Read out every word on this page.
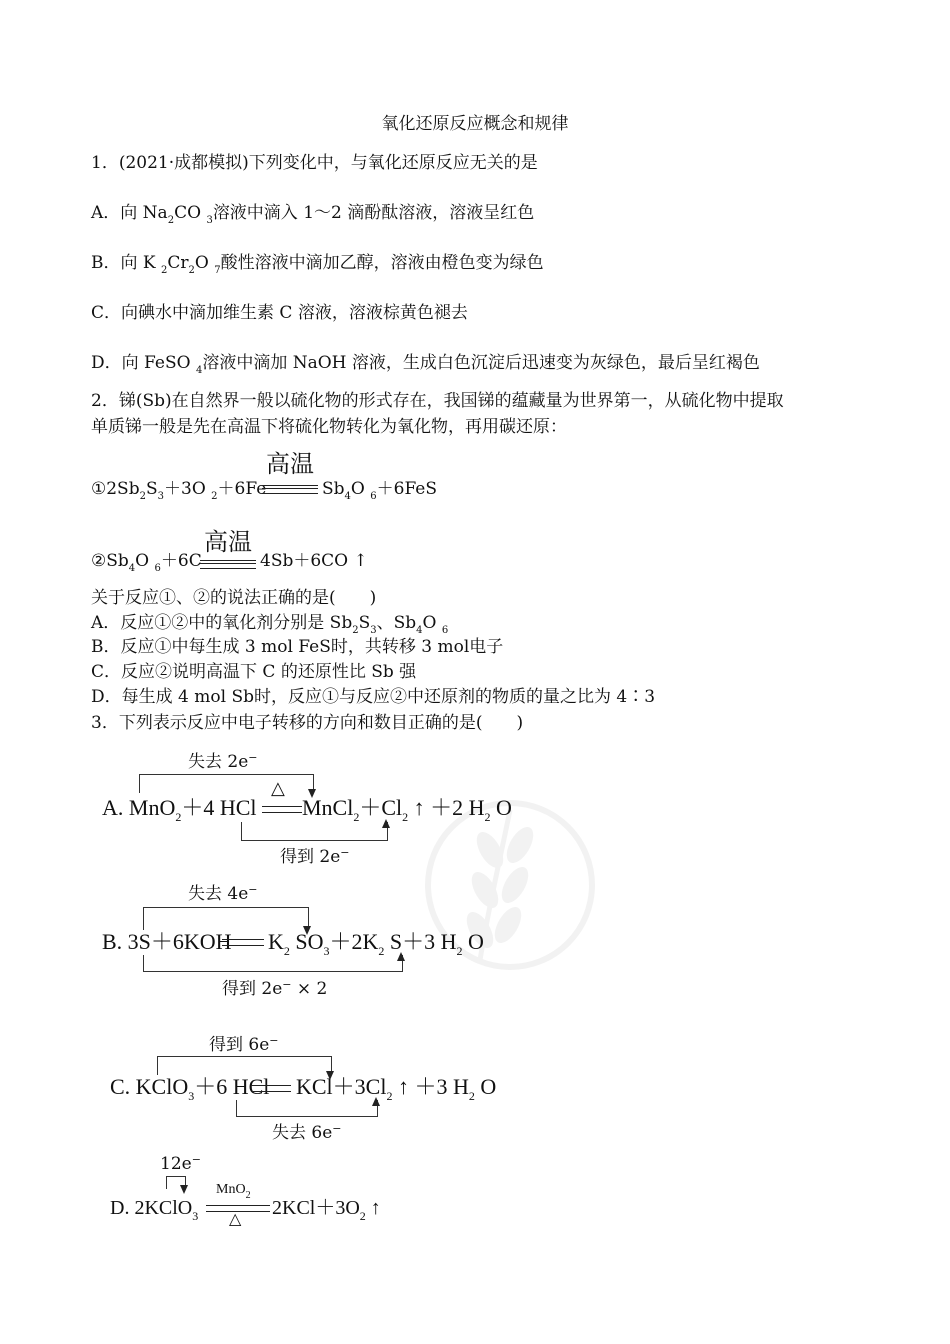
氧化还原反应概念和规律
1．(2021·成都模拟)下列变化中，与氧化还原反应无关的是
A．向 $Na_2CO$ $_3$溶液中滴入 1～2 滴酚酞溶液，溶液呈红色
B．向 K $_2Cr_2O$ $_7$酸性溶液中滴加乙醇，溶液由橙色变为绿色
C．向碘水中滴加维生素 C 溶液，溶液棕黄色褪去
D．向 FeSO $_4$溶液中滴加 NaOH 溶液，生成白色沉淀后迅速变为灰绿色，最后呈红褐色
2．锑(Sb)在自然界一般以硫化物的形式存在，我国锑的蕴藏量为世界第一，从硫化物中提取
单质锑一般是先在高温下将硫化物转化为氧化物，再用碳还原：
$①2Sb_2S_3+3O$ $_2$＋6Fe
高温
$Sb_4O$ $_6$＋6FeS
$②Sb_4O$ $_6$＋6C
高温
4Sb＋6CO ↑
关于反应①、②的说法正确的是(　　)
A．反应①②中的氧化剂分别是 $Sb_2S_3$、$Sb_4O$ $_6$
B．反应①中每生成 3 mol FeS时，共转移 3 mol电子
C．反应②说明高温下 C 的还原性比 Sb 强
D．每生成 4 mol Sb时，反应①与反应②中还原剂的物质的量之比为 4∶3
3．下列表示反应中电子转移的方向和数目正确的是(　　)
失去 2e−
A. MnO$_2$＋4 HCl
△
$MnCl_2+Cl_2$ ↑ ＋2 $H_2$ O
得到 2e−
失去 4e−
B. 3S＋6KOH $K_2$ $SO_3+2K_2$ S＋3 $H_2$ O
得到 2e− × 2
得到 6e−
C. KClO$_3$＋6 HCl $KCl+3Cl_2$ ↑ ＋3 $H_2$ O
失去 6e−
12e−
D. 2KClO$_3$
MnO$_2$
△ $2KCl+3O_2$ ↑
